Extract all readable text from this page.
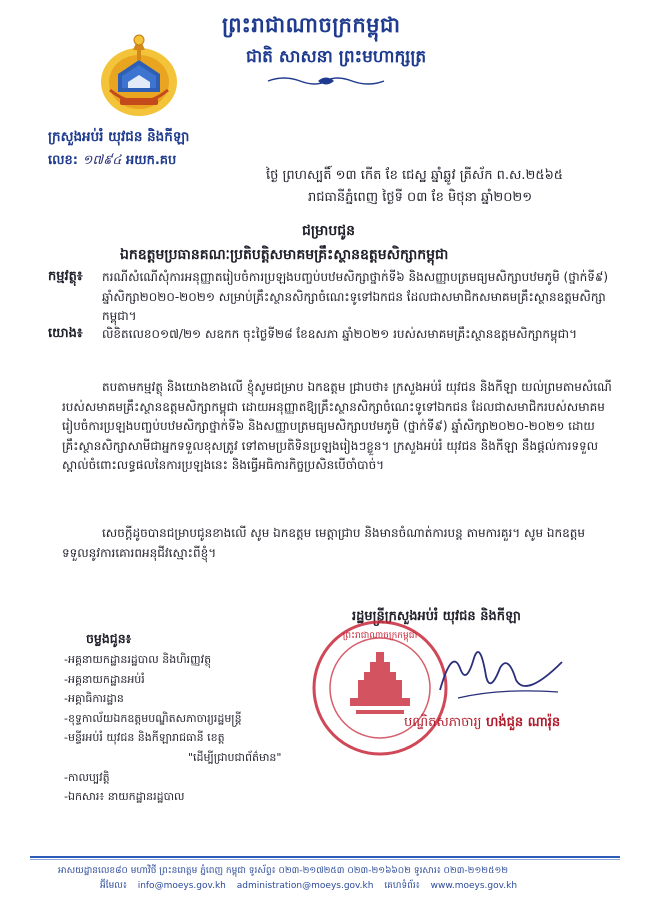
ព្រះរាជាណាចក្រកម្ពុជា
ជាតិ សាសនា ព្រះមហាក្សត្រ
ក្រសួងអប់រំ យុវជន និងកីឡា
លេខ: ១៧៩៤ អយក.គប
ថ្ងៃ ព្រហស្បតិ៍ ១៣ កើត ខែ ជេស្ឋ ឆ្នាំឆ្លូវ ត្រីស័ក ព.ស.២៥៦៥
រាជធានីភ្នំពេញ ថ្ងៃទី ០៣ ខែ មិថុនា ឆ្នាំ២០២១
ជម្រាបជូន
ឯកឧត្តមប្រធានគណៈប្រតិបត្តិសមាគមគ្រឹះស្ថានឧត្តមសិក្សាកម្ពុជា
កម្មវត្ថុ៖ ករណីសំណើសុំការអនុញ្ញាតរៀបចំការប្រឡងបញ្ចប់បឋមសិក្សាថ្នាក់ទី៦ និងសញ្ញាបត្រមធ្យមសិក្សាបឋមភូមិ (ថ្នាក់ទី៩) ឆ្នាំសិក្សា២០២០-២០២១ សម្រាប់គ្រឹះស្ថានសិក្សាចំណេះទូទៅឯកជន ដែលជាសមាជិកសមាគមគ្រឹះស្ថានឧត្តមសិក្សាកម្ពុជា។
យោង៖ លិខិតលេខ០១៧/២១ សឧកក ចុះថ្ងៃទី២៨ ខែឧសភា ឆ្នាំ២០២១ របស់សមាគមគ្រឹះស្ថានឧត្តមសិក្សាកម្ពុជា។
តបតាមកម្មវត្ថុ និងយោងខាងលើ ខ្ញុំសូមជម្រាប ឯកឧត្តម ជ្រាបថា៖ ក្រសួងអប់រំ យុវជន និងកីឡា យល់ព្រមតាមសំណើរបស់សមាគមគ្រឹះស្ថានឧត្តមសិក្សាកម្ពុជា ដោយអនុញ្ញាតឱ្យគ្រឹះស្ថានសិក្សាចំណេះទូទៅឯកជន ដែលជាសមាជិករបស់សមាគម រៀបចំការប្រឡងបញ្ចប់បឋមសិក្សាថ្នាក់ទី៦ និងសញ្ញាបត្រមធ្យមសិក្សាបឋមភូមិ (ថ្នាក់ទី៩) ឆ្នាំសិក្សា២០២០-២០២១ ដោយគ្រឹះស្ថានសិក្សាសាមីជាអ្នកទទួលខុសត្រូវ ទៅតាមប្រតិទិនប្រឡងរៀងៗខ្លួន។ ក្រសួងអប់រំ យុវជន និងកីឡា នឹងផ្តល់ការទទួលស្គាល់ចំពោះលទ្ធផលនៃការប្រឡងនេះ និងធ្វើអធិការកិច្ចប្រសិនបើចាំបាច់។
សេចក្តីដូចបានជម្រាបជូនខាងលើ សូម ឯកឧត្តម មេត្តាជ្រាប និងមានចំណាត់ការបន្ត តាមការគួរ។ សូម ឯកឧត្តម ទទួលនូវការគោរពអនុជីវស្មោះពីខ្ញុំ។
ចម្លងជូន៖
-អគ្គនាយកដ្ឋានរដ្ឋបាល និងហិរញ្ញវត្ថុ
-អគ្គនាយកដ្ឋានអប់រំ
-អគ្គាធិការដ្ឋាន
-ខុទ្ទកាល័យឯកឧត្តមបណ្ឌិតសភាចារ្យរដ្ឋមន្ត្រី
-មន្ទីរអប់រំ យុវជន និងកីឡារាជធានី ខេត្ត
"ដើម្បីជ្រាបជាព័ត៌មាន"
-កាលប្បវត្តិ
-ឯកសារ៖ នាយកដ្ឋានរដ្ឋបាល
រដ្ឋមន្ត្រីក្រសួងអប់រំ យុវជន និងកីឡា
ព្រះរាជាណាចក្រកម្ពុជា
បណ្ឌិតសភាចារ្យ ហង់ជួន ណារ៉ុន
អាសយដ្ឋានលេខ៨០ មហាវិថី ព្រះនរោត្តម ភ្នំពេញ កម្ពុជា ទូរស័ព្ទ៖ ០២៣-២១៧២៥៣ ០២៣-២១៦៦០២ ទូរសារ៖ ០២៣-២១២៥១២
អ៊ីមែល៖ info@moeys.gov.kh administration@moeys.gov.kh គេហទំព័រ៖ www.moeys.gov.kh
